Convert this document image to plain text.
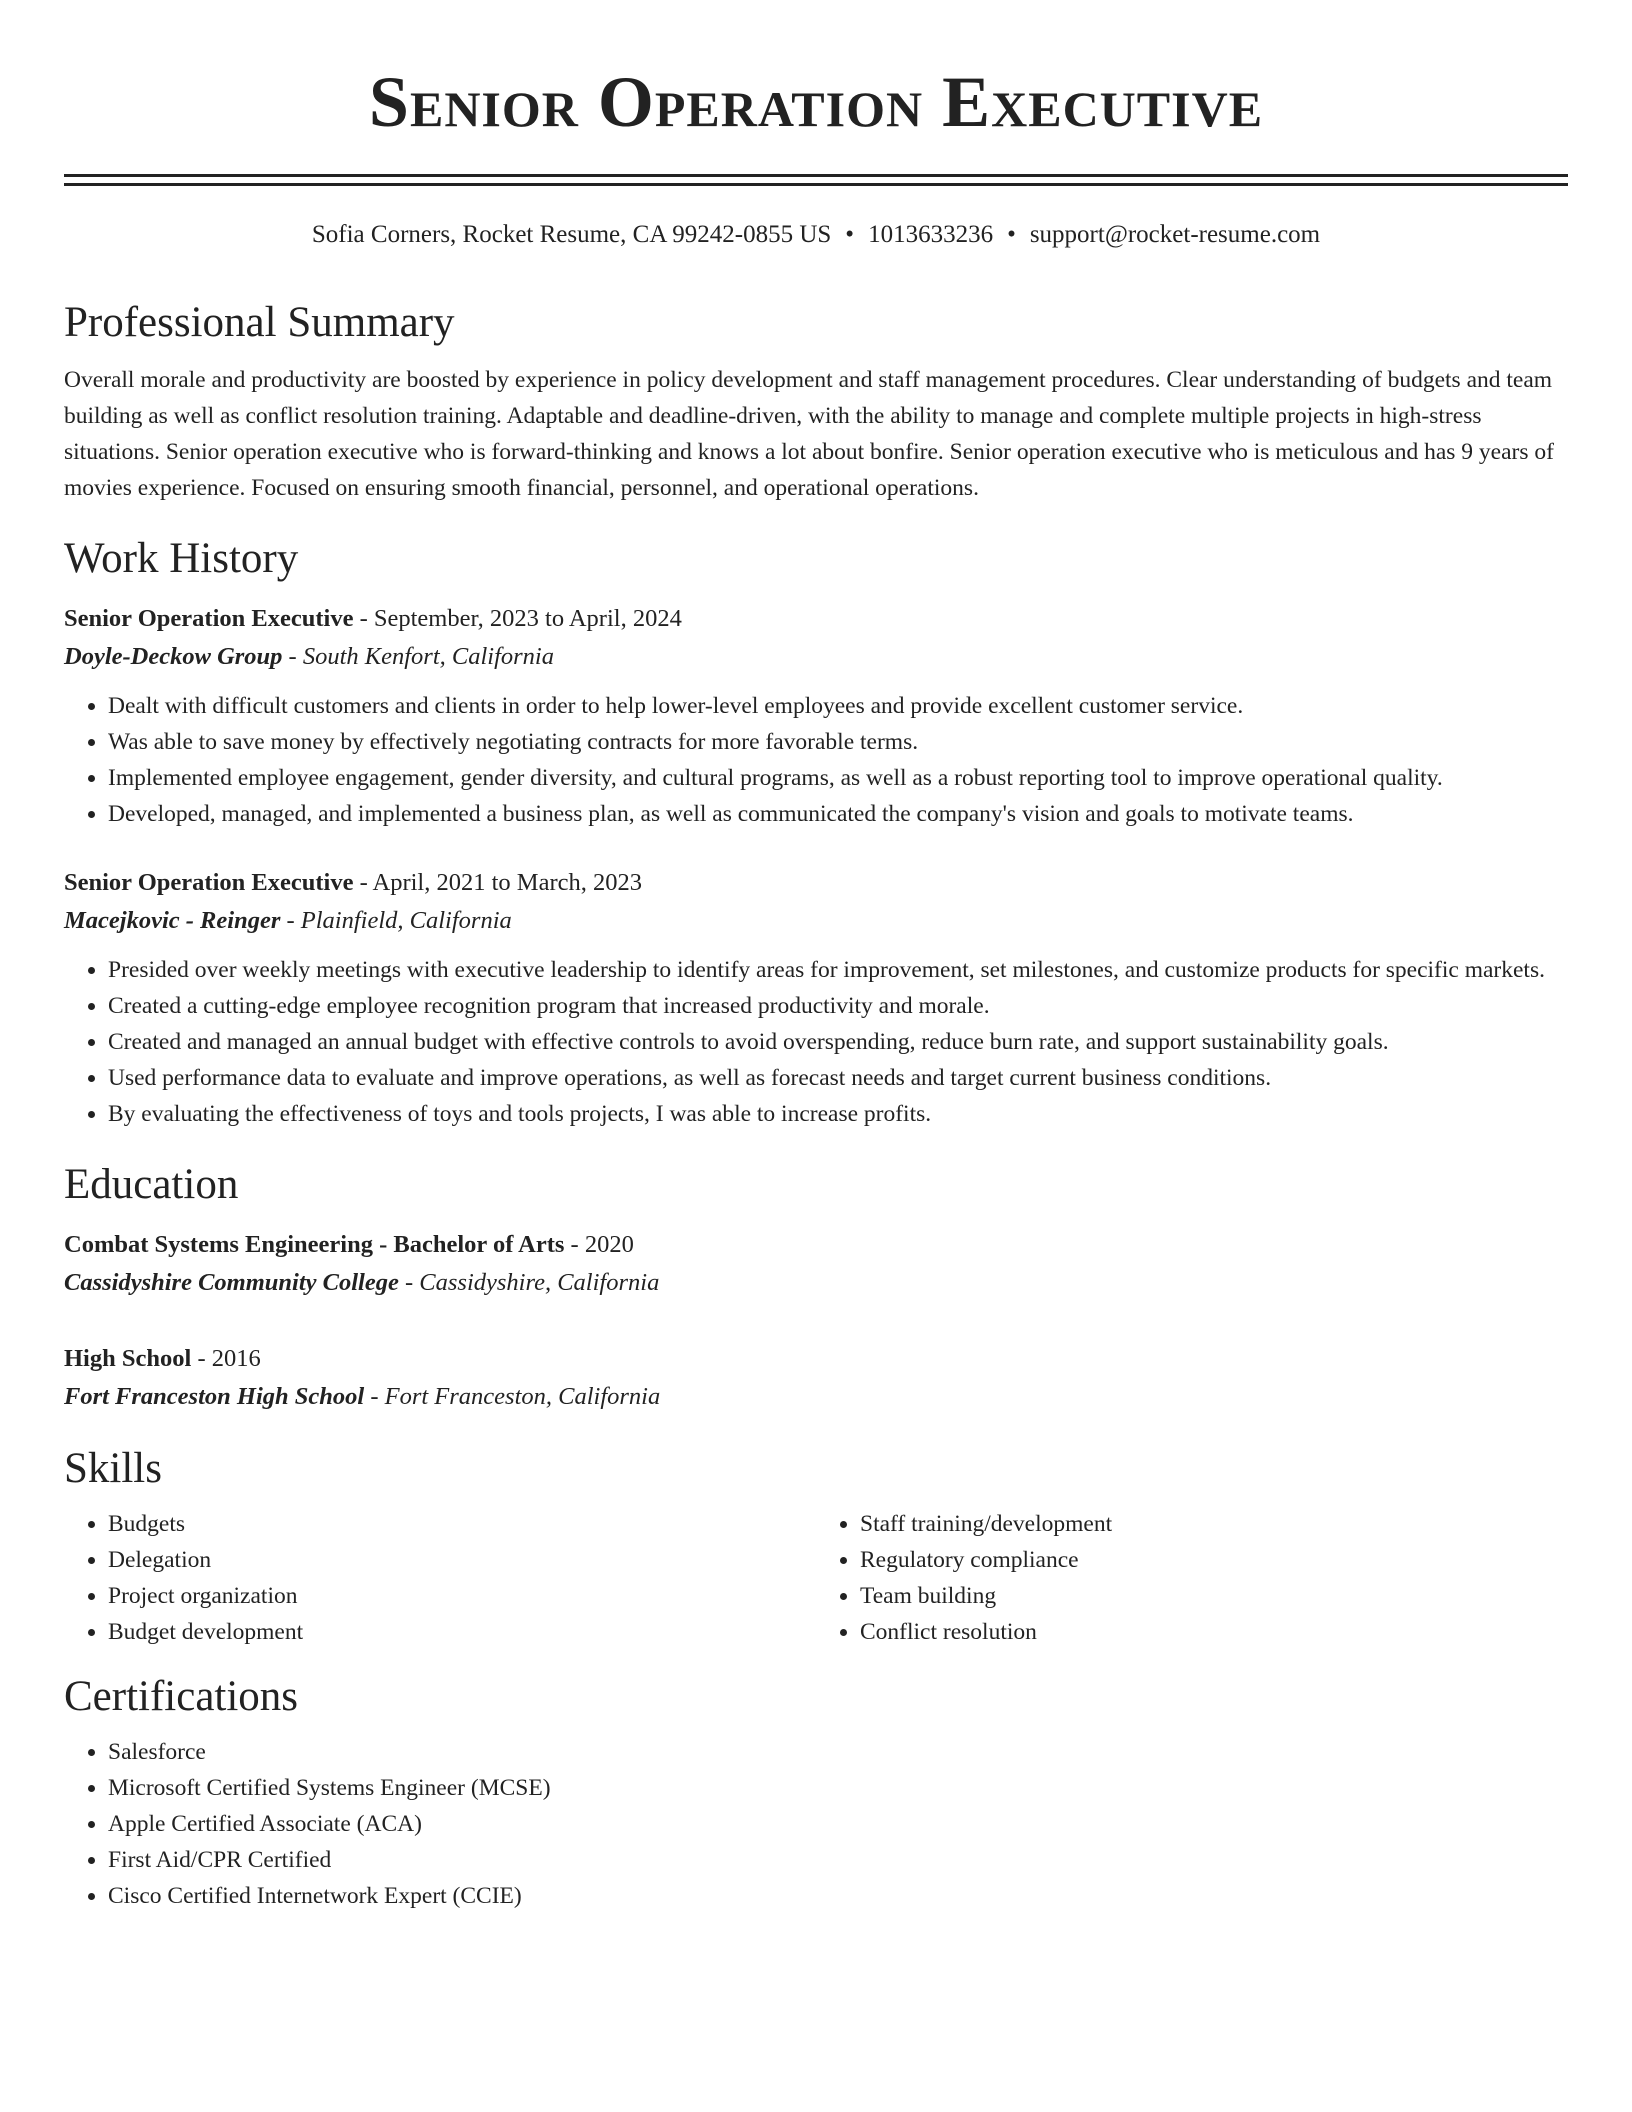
Senior Operation Executive
Sofia Corners, Rocket Resume, CA 99242-0855 US • 1013633236 • support@rocket-resume.com
Professional Summary

Overall morale and productivity are boosted by experience in policy development and staff management procedures. Clear understanding of budgets and team building as well as conflict resolution training. Adaptable and deadline-driven, with the ability to manage and complete multiple projects in high-stress situations. Senior operation executive who is forward-thinking and knows a lot about bonfire. Senior operation executive who is meticulous and has 9 years of movies experience. Focused on ensuring smooth financial, personnel, and operational operations.

Work History
Senior Operation Executive - September, 2023 to April, 2024
Doyle-Deckow Group - South Kenfort, California
• Dealt with difficult customers and clients in order to help lower-level employees and provide excellent customer service.
• Was able to save money by effectively negotiating contracts for more favorable terms.
• Implemented employee engagement, gender diversity, and cultural programs, as well as a robust reporting tool to improve operational quality.
• Developed, managed, and implemented a business plan, as well as communicated the company's vision and goals to motivate teams.
Senior Operation Executive - April, 2021 to March, 2023
Macejkovic - Reinger - Plainfield, California
• Presided over weekly meetings with executive leadership to identify areas for improvement, set milestones, and customize products for specific markets.
• Created a cutting-edge employee recognition program that increased productivity and morale.
• Created and managed an annual budget with effective controls to avoid overspending, reduce burn rate, and support sustainability goals.
• Used performance data to evaluate and improve operations, as well as forecast needs and target current business conditions.
• By evaluating the effectiveness of toys and tools projects, I was able to increase profits.
Education
Combat Systems Engineering - Bachelor of Arts - 2020
Cassidyshire Community College - Cassidyshire, California
High School - 2016
Fort Franceston High School - Fort Franceston, California
Skills
• Budgets
• Delegation
• Project organization
• Budget development
• Staff training/development
• Regulatory compliance
• Team building
• Conflict resolution
Certifications
• Salesforce
• Microsoft Certified Systems Engineer (MCSE)
• Apple Certified Associate (ACA)
• First Aid/CPR Certified
• Cisco Certified Internetwork Expert (CCIE)
